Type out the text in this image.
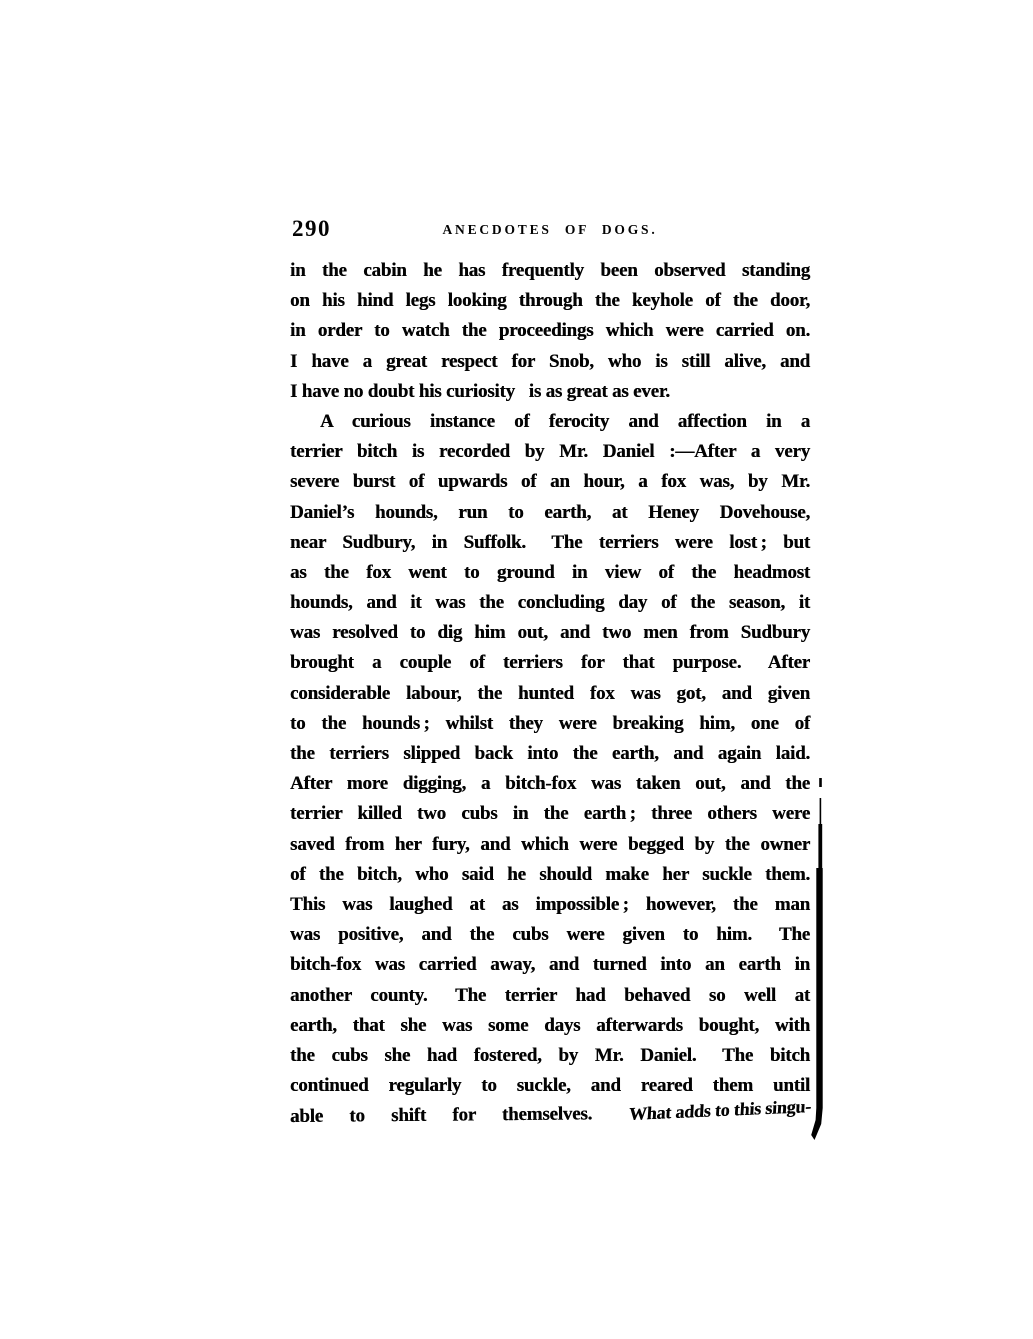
290	ANECDOTES OF DOGS.
in the cabin he has frequently been observed standing
on his hind legs looking through the keyhole of the door,
in order to watch the proceedings which were carried on.
I have a great respect for Snob, who is still alive, and
I have no doubt his curiosity  is as great as ever.
A curious instance of ferocity and affection in a
terrier bitch is recorded by Mr. Daniel :—After a very
severe burst of upwards of an hour, a fox was, by Mr.
Daniel’s hounds, run to earth, at Heney Dovehouse,
near Sudbury, in Suffolk.  The terriers were lost ; but
as the fox went to ground in view of the headmost
hounds, and it was the concluding day of the season, it
was resolved to dig him out, and two men from Sudbury
brought a couple of terriers for that purpose.  After
considerable labour, the hunted fox was got, and given
to the hounds ; whilst they were breaking him, one of
the terriers slipped back into the earth, and again laid.
After more digging, a bitch-fox was taken out, and the
terrier killed two cubs in the earth ; three others were
saved from her fury, and which were begged by the owner
of the bitch, who said he should make her suckle them.
This was laughed at as impossible ; however, the man
was positive, and the cubs were given to him.  The
bitch-fox was carried away, and turned into an earth in
another county.  The terrier had behaved so well at
earth, that she was some days afterwards bought, with
the cubs she had fostered, by Mr. Daniel.  The bitch
continued regularly to suckle, and reared them until
able to shift for themselves.  What adds to this singu-
